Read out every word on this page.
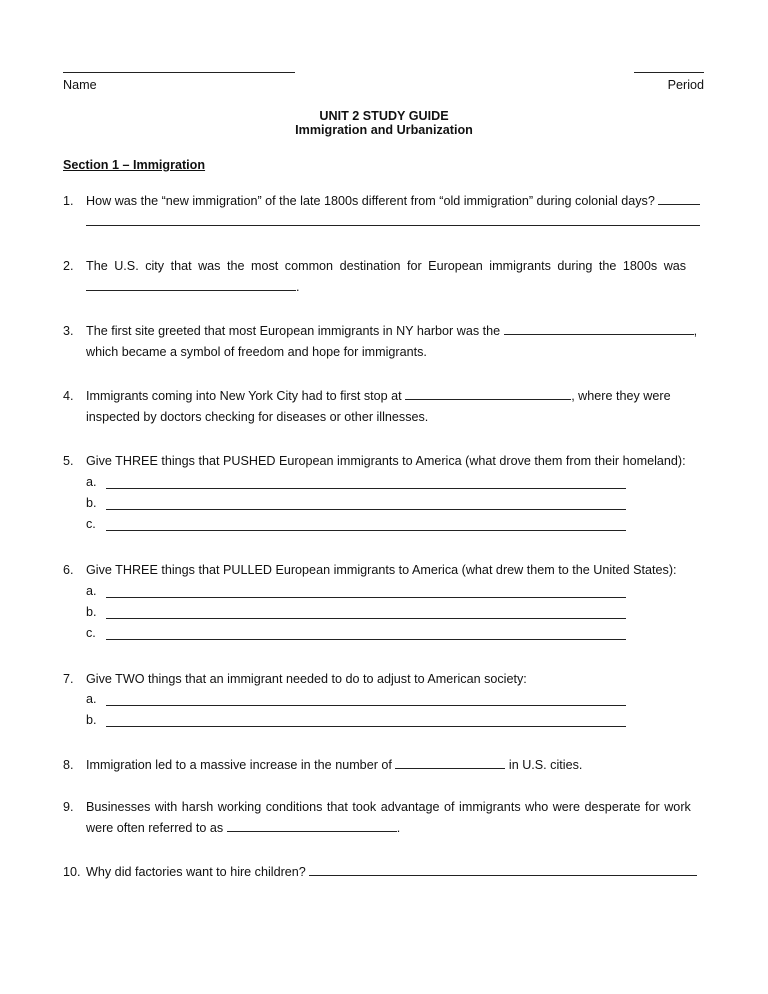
Name	Period
UNIT 2 STUDY GUIDE
Immigration and Urbanization
Section 1 – Immigration
1. How was the “new immigration” of the late 1800s different from “old immigration” during colonial days?

2. The U.S. city that was the most common destination for European immigrants during the 1800s was
.
3. The first site greeted that most European immigrants in NY harbor was the	,
which became a symbol of freedom and hope for immigrants.
4. Immigrants coming into New York City had to first stop at	, where they were
inspected by doctors checking for diseases or other illnesses.
5. Give THREE things that PUSHED European immigrants to America (what drove them from their homeland):
a.
b.
c.
6. Give THREE things that PULLED European immigrants to America (what drew them to the United States):
a.
b.
c.
7. Give TWO things that an immigrant needed to do to adjust to American society:
a.
b.
8. Immigration led to a massive increase in the number of	in U.S. cities.
9. Businesses with harsh working conditions that took advantage of immigrants who were desperate for work
were often referred to as	.
10. Why did factories want to hire children?
